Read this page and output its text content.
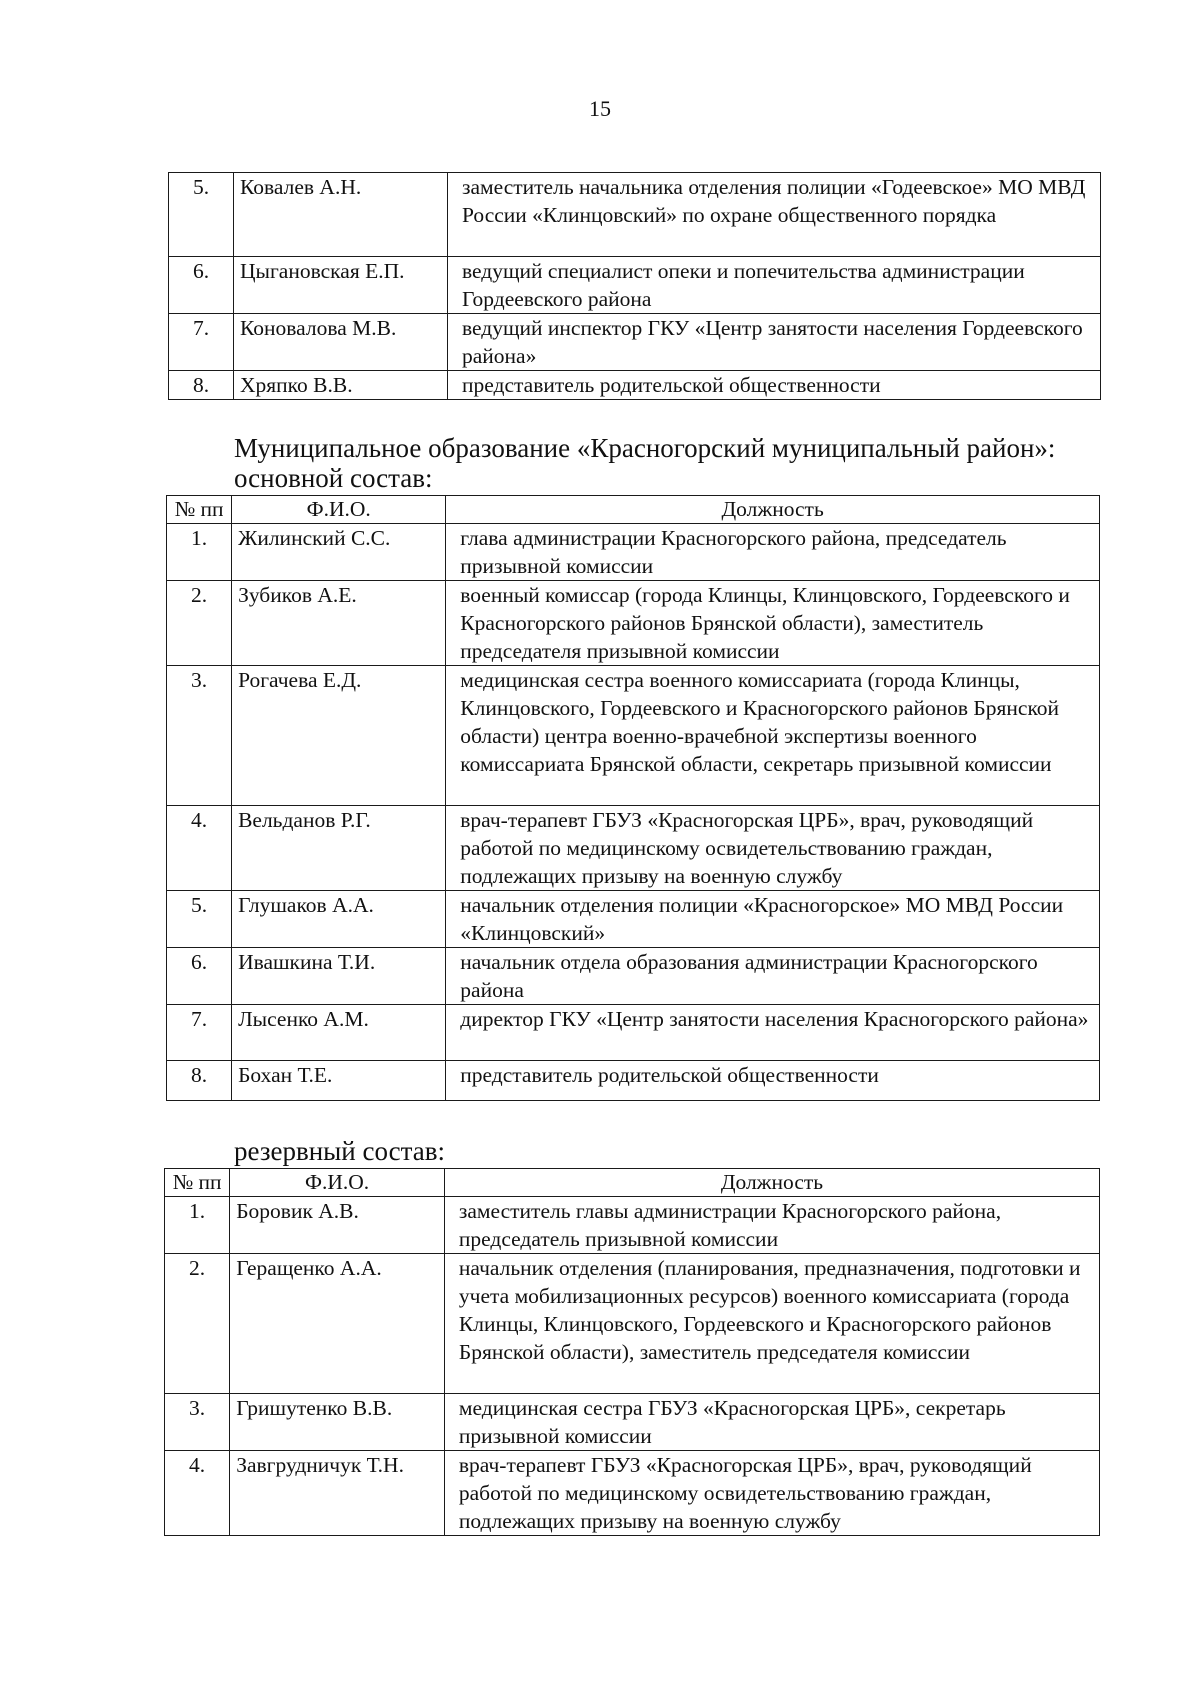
15
5.	Ковалев А.Н.	заместитель начальника отделения полиции «Годеевское» МО МВД России «Клинцовский» по охране общественного порядка
6.	Цыгановская Е.П.	ведущий специалист опеки и попечительства администрации Гордеевского района
7.	Коновалова М.В.	ведущий инспектор ГКУ «Центр занятости населения Гордеевского района»
8.	Хряпко В.В.	представитель родительской общественности
Муниципальное образование «Красногорский муниципальный район»:
основной состав:
№ пп	Ф.И.О.	Должность
1.	Жилинский С.С.	глава администрации Красногорского района, председатель призывной комиссии
2.	Зубиков А.Е.	военный комиссар (города Клинцы, Клинцовского, Гордеевского и Красногорского районов Брянской области), заместитель председателя призывной комиссии
3.	Рогачева Е.Д.	медицинская сестра военного комиссариата (города Клинцы, Клинцовского, Гордеевского и Красногорского районов Брянской области) центра военно-врачебной экспертизы военного комиссариата Брянской области, секретарь призывной комиссии
4.	Вельданов Р.Г.	врач-терапевт ГБУЗ «Красногорская ЦРБ», врач, руководящий работой по медицинскому освидетельствованию граждан, подлежащих призыву на военную службу
5.	Глушаков А.А.	начальник отделения полиции «Красногорское» МО МВД России «Клинцовский»
6.	Ивашкина Т.И.	начальник отдела образования администрации Красногорского района
7.	Лысенко А.М.	директор ГКУ «Центр занятости населения Красногорского района»
8.	Бохан Т.Е.	представитель родительской общественности
резервный состав:
№ пп	Ф.И.О.	Должность
1.	Боровик А.В.	заместитель главы администрации Красногорского района, председатель призывной комиссии
2.	Геращенко А.А.	начальник отделения (планирования, предназначения, подготовки и учета мобилизационных ресурсов) военного комиссариата (города Клинцы, Клинцовского, Гордеевского и Красногорского районов Брянской области), заместитель председателя комиссии
3.	Гришутенко В.В.	медицинская сестра ГБУЗ «Красногорская ЦРБ», секретарь призывной комиссии
4.	Завгрудничук Т.Н.	врач-терапевт ГБУЗ «Красногорская ЦРБ», врач, руководящий работой по медицинскому освидетельствованию граждан, подлежащих призыву на военную службу
